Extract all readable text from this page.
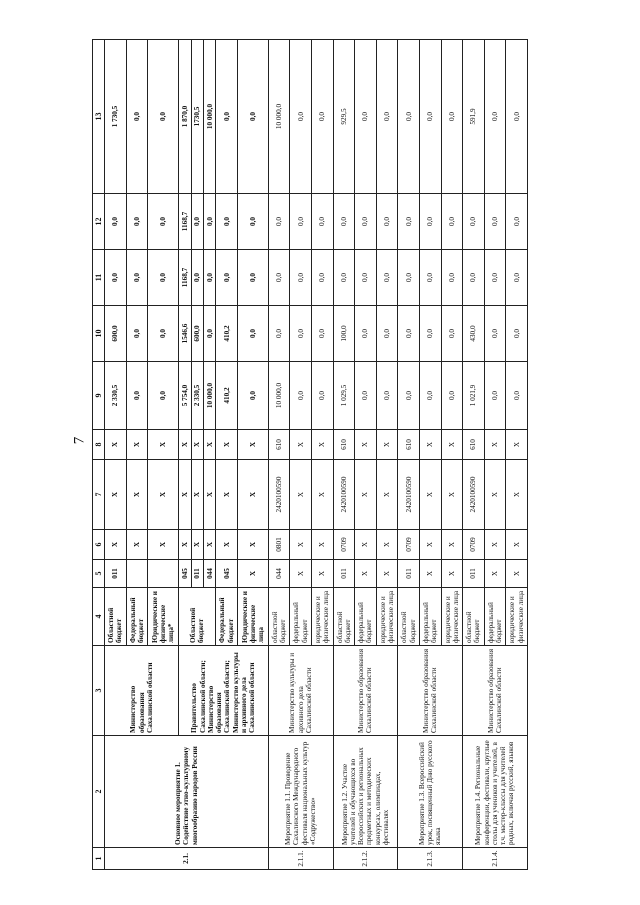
7
1	2	3	4	5	6	7	8	9	10	11	12	13
2.1.	Основное мероприятие 1. Содействие этно-культурному многообразию народов России	Министерство образования Сахалинской области	Областной бюджет	011	X	X	X	2 330,5	600,0	0,0	0,0	1 730,5
			Федеральный бюджет		X	X	X	0,0	0,0	0,0	0,0	0,0
			Юридические и физические лица*		X	X	X	0,0	0,0	0,0	0,0	0,0
		Правительство Сахалинской области; Министерство образования Сахалинской области; Министерство культуры и архивного дела Сахалинской области	Областной бюджет	045	X	X	X	5 754,0	1546,6	1168,7	1168,7	1 870,0
				011	X	X	X	2 330,5	600,0	0,0	0,0	1730,5
				044	X	X	X	10 000,0	0,0	0,0	0,0	10 000,0
			Федеральный бюджет	045	X	X	X	410,2	410,2	0,0	0,0	0,0
			Юридические и физические лица	X	X	X	X	0,0	0,0	0,0	0,0	0,0
2.1.1.	Мероприятие 1.1. Проведение Сахалинского Международного фестиваля национальных культур «Содружество»	Министерство культуры и архивного дела Сахалинской области	областной бюджет	044	0801	2420100590	610	10 000,0	0,0	0,0	0,0	10 000,0
			федеральный бюджет	X	X	X	X	0,0	0,0	0,0	0,0	0,0
			юридические и физические лица	X	X	X	X	0,0	0,0	0,0	0,0	0,0
2.1.2.	Мероприятие 1.2. Участие учителей и обучающихся во Всероссийских и региональных предметных и методических конкурсах, олимпиадах, фестивалях	Министерство образования Сахалинской области	областной бюджет	011	0709	2420100590	610	1 029,5	100,0	0,0	0,0	929,5
			федеральный бюджет	X	X	X	X	0,0	0,0	0,0	0,0	0,0
			юридические и физические лица	X	X	X	X	0,0	0,0	0,0	0,0	0,0
2.1.3.	Мероприятие 1.3. Всероссийский урок, посвященный Дню русского языка	Министерство образования Сахалинской области	областной бюджет	011	0709	2420100590	610	0,0	0,0	0,0	0,0	0,0
			федеральный бюджет	X	X	X	X	0,0	0,0	0,0	0,0	0,0
			юридические и физические лица	X	X	X	X	0,0	0,0	0,0	0,0	0,0
2.1.4.	Мероприятие 1.4. Региональные конференции, фестивали, круглые столы для учеников и учителей, в т.ч. мастер-классы для учителей родных, включая русский, языков	Министерство образования Сахалинской области	областной бюджет	011	0709	2420100590	610	1 021,9	430,0	0,0	0,0	591,9
			федеральный бюджет	X	X	X	X	0,0	0,0	0,0	0,0	0,0
			юридические и физические лица	X	X	X	X	0,0	0,0	0,0	0,0	0,0
